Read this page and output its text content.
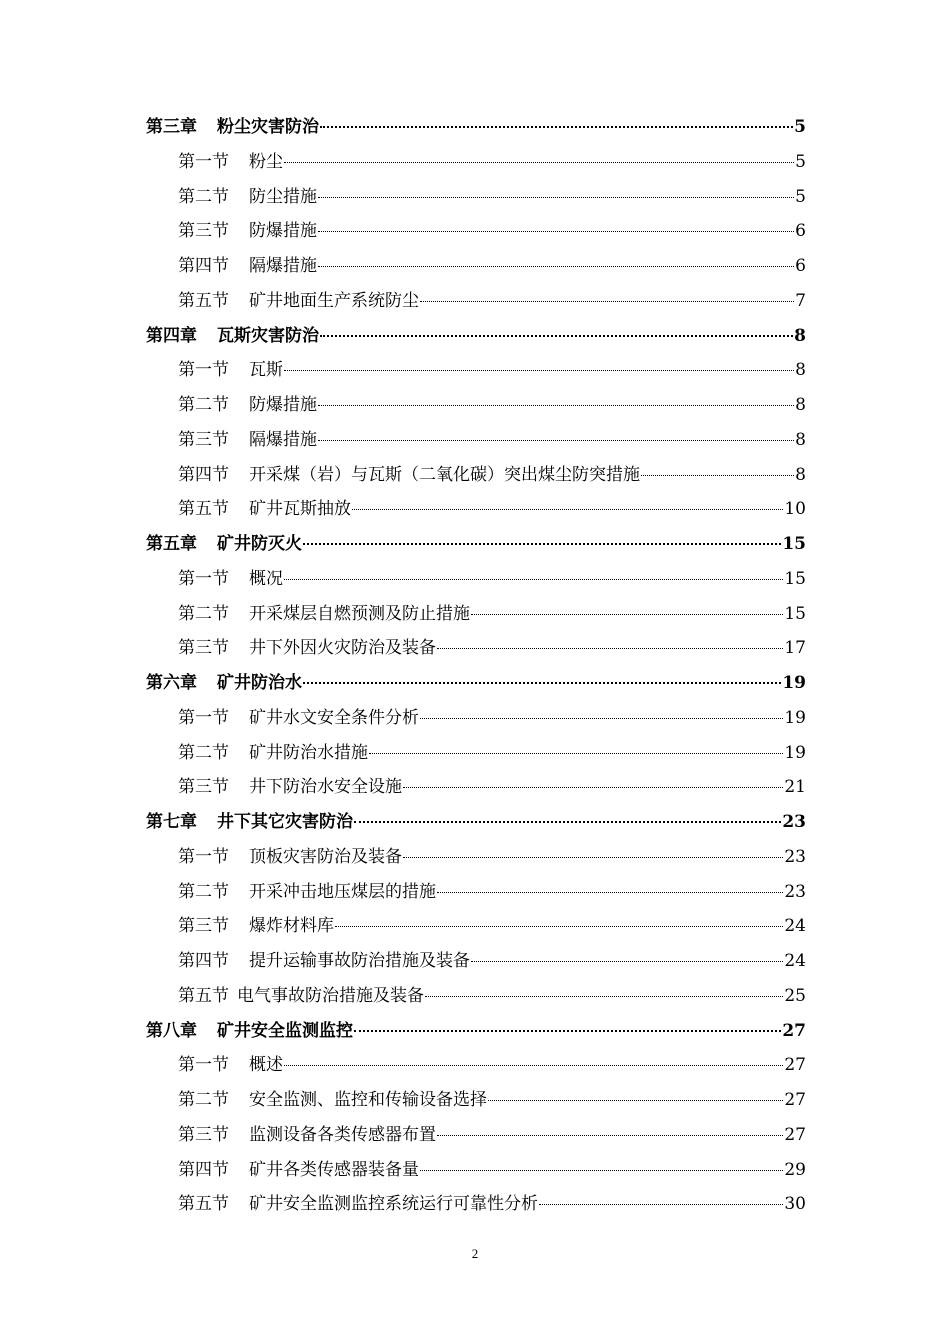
第三章 粉尘灾害防治	5
第一节 粉尘	5
第二节 防尘措施	5
第三节 防爆措施	6
第四节 隔爆措施	6
第五节 矿井地面生产系统防尘	7
第四章 瓦斯灾害防治	8
第一节 瓦斯	8
第二节 防爆措施	8
第三节 隔爆措施	8
第四节 开采煤（岩）与瓦斯（二氧化碳）突出煤尘防突措施	8
第五节 矿井瓦斯抽放	10
第五章 矿井防灭火	15
第一节 概况	15
第二节 开采煤层自燃预测及防止措施	15
第三节 井下外因火灾防治及装备	17
第六章 矿井防治水	19
第一节 矿井水文安全条件分析	19
第二节 矿井防治水措施	19
第三节 井下防治水安全设施	21
第七章 井下其它灾害防治	23
第一节 顶板灾害防治及装备	23
第二节 开采冲击地压煤层的措施	23
第三节 爆炸材料库	24
第四节 提升运输事故防治措施及装备	24
第五节 电气事故防治措施及装备	25
第八章 矿井安全监测监控	27
第一节 概述	27
第二节 安全监测、监控和传输设备选择	27
第三节 监测设备各类传感器布置	27
第四节 矿井各类传感器装备量	29
第五节 矿井安全监测监控系统运行可靠性分析	30
2
